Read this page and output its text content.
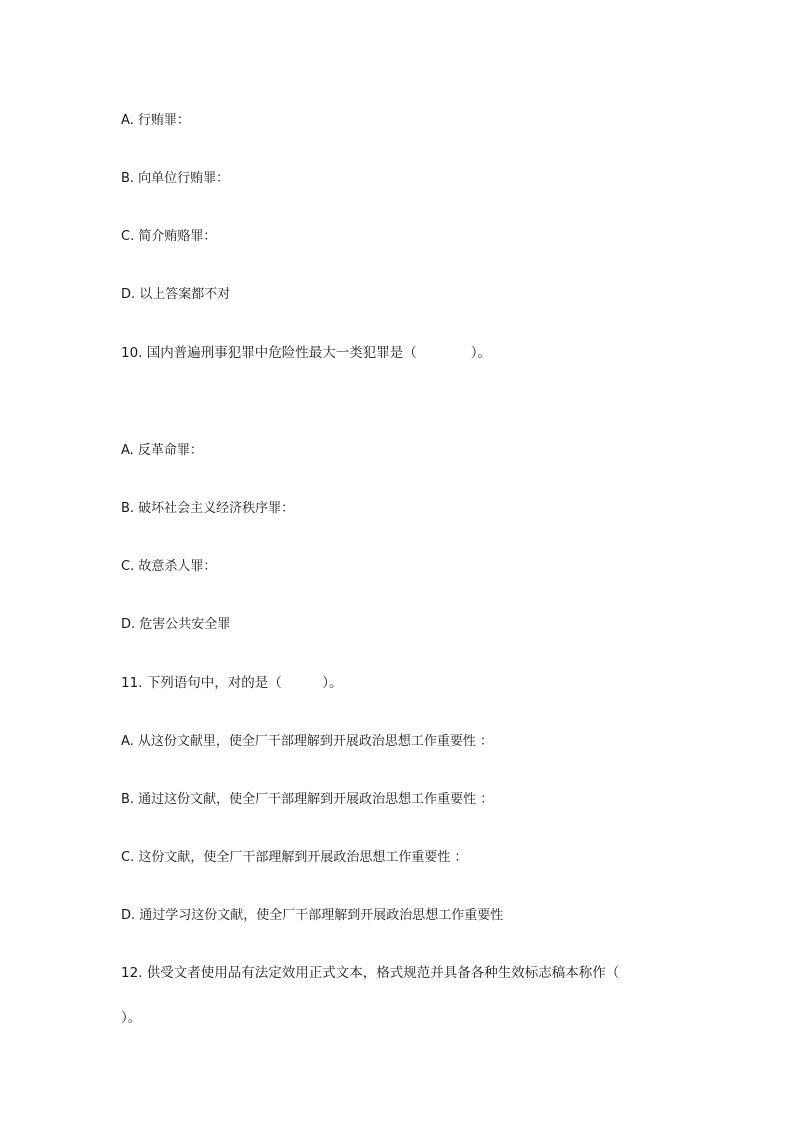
A. 行贿罪：
B. 向单位行贿罪：
C. 简介贿赂罪：
D. 以上答案都不对
10. 国内普遍刑事犯罪中危险性最大一类犯罪是（　　　　）。
A. 反革命罪：
B. 破坏社会主义经济秩序罪：
C. 故意杀人罪：
D. 危害公共安全罪
11. 下列语句中，对的是（　　　）。
A. 从这份文献里，使全厂干部理解到开展政治思想工作重要性 ：
B. 通过这份文献，使全厂干部理解到开展政治思想工作重要性 ：
C. 这份文献，使全厂干部理解到开展政治思想工作重要性 ：
D. 通过学习这份文献，使全厂干部理解到开展政治思想工作重要性
12. 供受文者使用品有法定效用正式文本，格式规范并具备各种生效标志稿本称作（
）。
